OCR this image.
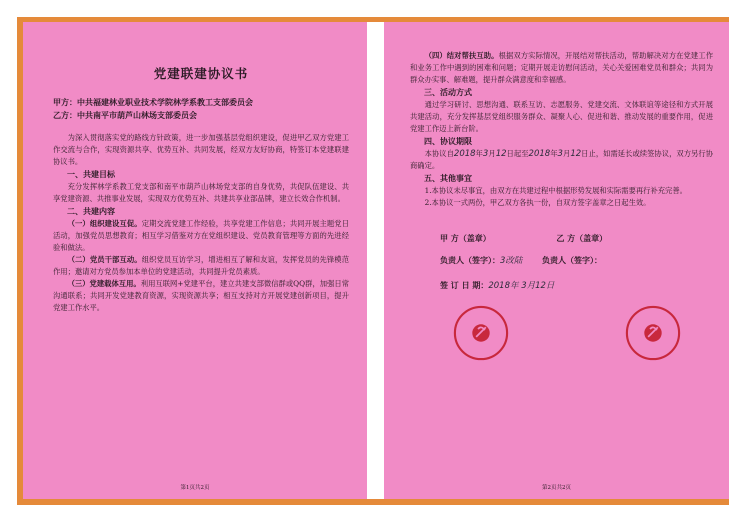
党建联建协议书

甲方：中共福建林业职业技术学院林学系教工支部委员会

乙方：中共南平市葫芦山林场支部委员会

为深入贯彻落实党的路线方针政策，进一步加强基层党组织建设，促进甲乙双方党建工作交流与合作，实现资源共享、优势互补、共同发展，经双方友好协商，特签订本党建联建协议书。

一、共建目标

充分发挥林学系教工党支部和南平市葫芦山林场党支部的自身优势，共促队伍建设、共享党建资源、共推事业发展，实现双方优势互补、共建共享业部品牌，建立长效合作机制。

二、共建内容

（一）组织建设互促。定期交流党建工作经验，共享党建工作信息；共同开展主题党日活动，加强党员思想教育；相互学习借鉴对方在党组织建设、党员教育管理等方面的先进经验和做法。

（二）党员干部互动。组织党员互访学习，增进相互了解和友谊，发挥党员的先锋模范作用；邀请对方党员参加本单位的党建活动，共同提升党员素质。

（三）党建载体互用。利用互联网+党建平台，建立共建支部微信群或QQ群，加强日常沟通联系；共同开发党建教育资源，实现资源共享；相互支持对方开展党建创新项目，提升党建工作水平。

第1页共2页

（四）结对帮扶互助。根据双方实际情况，开展结对帮扶活动，帮助解决对方在党建工作和业务工作中遇到的困难和问题；定期开展走访慰问活动，关心关爱困难党员和群众；共同为群众办实事、解难题，提升群众满意度和幸福感。

三、活动方式

通过学习研讨、思想沟通、联系互访、志愿服务、党建交流、文体联谊等途径和方式开展共建活动，充分发挥基层党组织服务群众、凝聚人心、促进和谐、推动发展的重要作用，促进党建工作迈上新台阶。

四、协议期限

本协议自2018年3月12日起至2018年3月12日止，如需延长或续签协议，双方另行协商确定。

五、其他事宜

1.本协议未尽事宜，由双方在共建过程中根据形势发展和实际需要再行补充完善。

2.本协议一式两份，甲乙双方各执一份，自双方签字盖章之日起生效。

甲 方（盖章）	乙 方（盖章）
负责人（签字）：3改陆 负责人（签字）：
签 订 日 期：2018年 3月12日
第2页共2页
